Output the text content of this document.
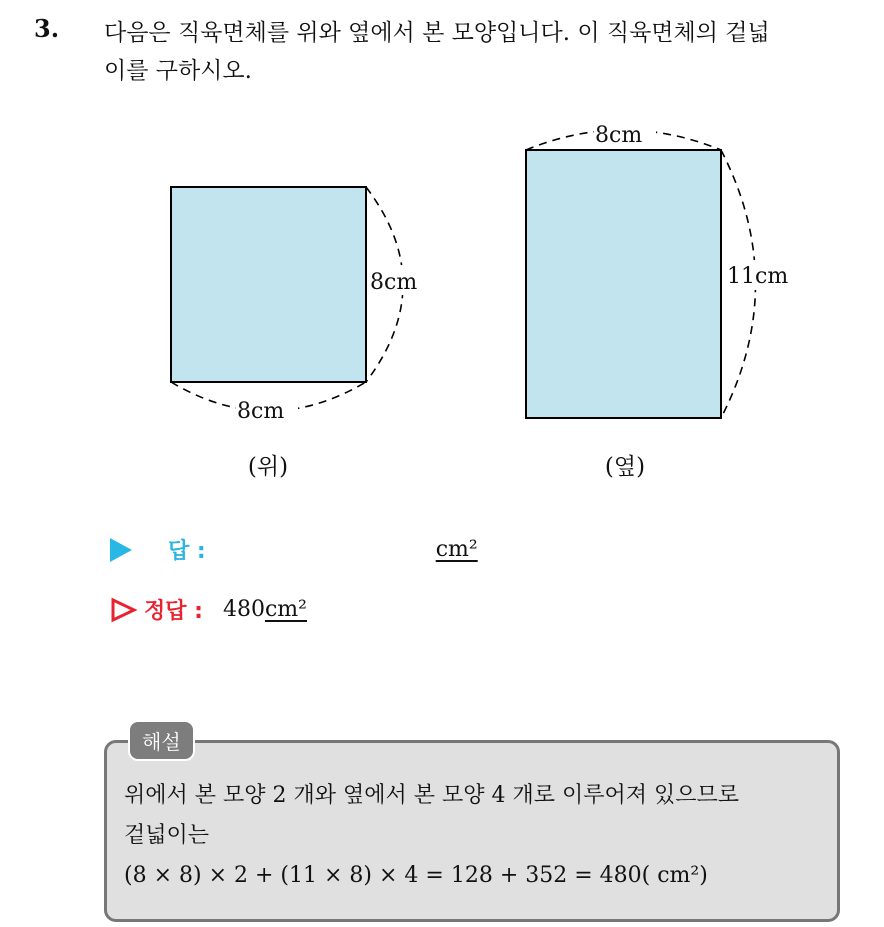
3. 다음은 직육면체를 위와 옆에서 본 모양입니다. 이 직육면체의 겉넓
이를 구하시오.
8cm
8cm
(위)
8cm
11cm
(옆)
답 :	cm²
정답 : 480 cm²
해설
위에서 본 모양 2 개와 옆에서 본 모양 4 개로 이루어져 있으므로
겉넓이는
(8 × 8) × 2 + (11 × 8) × 4 = 128 + 352 = 480( cm²)
